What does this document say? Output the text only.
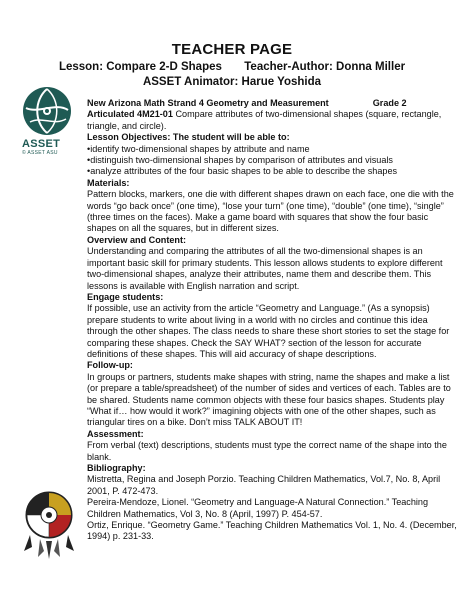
TEACHER PAGE
Lesson: Compare 2-D Shapes       Teacher-Author: Donna Miller
ASSET Animator: Harue Yoshida
ASSET
© ASSET ASU

New Arizona Math Strand 4 Geometry and Measurement	Grade 2

Articulated 4M21-01 Compare attributes of two-dimensional shapes (square, rectangle, triangle, and circle).

Lesson Objectives: The student will be able to:

• identify two-dimensional shapes by attribute and name

• distinguish two-dimensional shapes by comparison of attributes and visuals

• analyze attributes of the four basic shapes to be able to describe the shapes

Materials:

Pattern blocks, markers, one die with different shapes drawn on each face, one die with the words “go back once” (one time), “lose your turn” (one time), “double” (one time), “single” (three times on the faces). Make a game board with squares that show the four basic shapes on all the squares, but in different sizes.

Overview and Content:

Understanding and comparing the attributes of all the two-dimensional shapes is an important basic skill for primary students. This lesson allows students to explore different two-dimensional shapes, analyze their attributes, name them and describe them. This lessons is available with English narration and script.

Engage students:

If possible, use an activity from the article “Geometry and Language.” (As a synopsis) prepare students to write about living in a world with no circles and continue this idea through the other shapes. The class needs to share these short stories to set the stage for comparing these shapes. Check the SAY WHAT? section of the lesson for accurate definitions of these shapes. This will aid accuracy of shape descriptions.

Follow-up:

In groups or partners, students make shapes with string, name the shapes and make a list (or prepare a table/spreadsheet) of the number of sides and vertices of each. Tables are to be shared. Students name common objects with these four basics shapes. Students play “What if… how would it work?” imagining objects with one of the other shapes, such as triangular tires on a bike. Don’t miss TALK ABOUT IT!

Assessment:

From verbal (text) descriptions, students must type the correct name of the shape into the blank.

Bibliography:

Mistretta, Regina and Joseph Porzio. Teaching Children Mathematics, Vol.7, No. 8, April 2001, P. 472-473.

Pereira-Mendoze, Lionel. “Geometry and Language-A Natural Connection.” Teaching Children Mathematics, Vol 3, No. 8 (April, 1997) P. 454-57.

Ortiz, Enrique. “Geometry Game.” Teaching Children Mathematics Vol. 1, No. 4. (December, 1994) p. 231-33.
